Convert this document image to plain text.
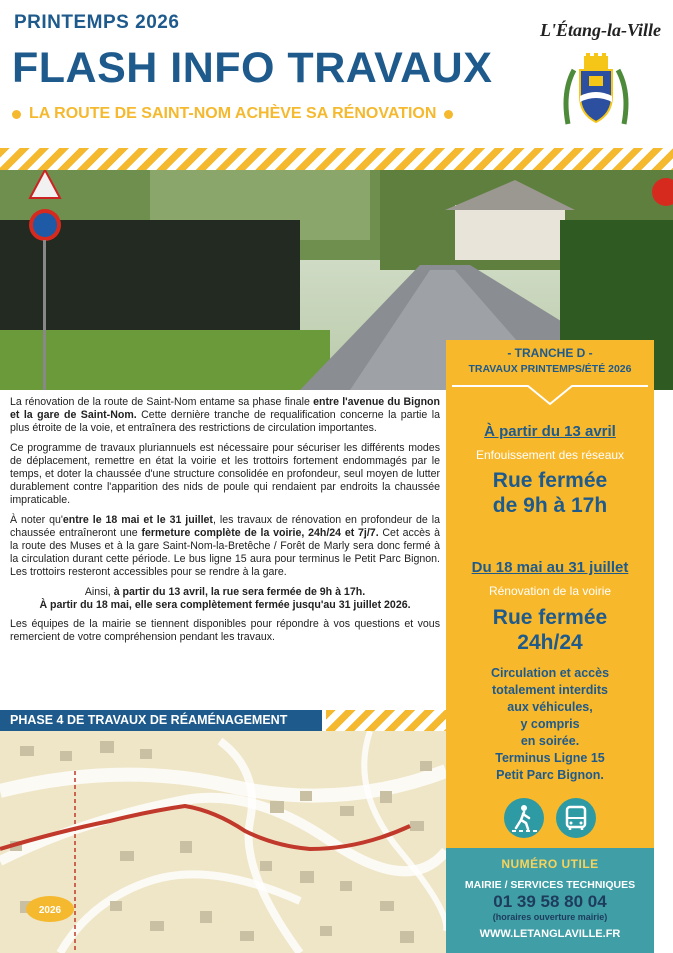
PRINTEMPS 2026
FLASH INFO TRAVAUX
LA ROUTE DE SAINT-NOM ACHÈVE SA RÉNOVATION
L'Étang-la-Ville

La rénovation de la route de Saint-Nom entame sa phase finale entre l'avenue du Bignon et la gare de Saint-Nom. Cette dernière tranche de requalification concerne la partie la plus étroite de la voie, et entraînera des restrictions de circulation importantes.

Ce programme de travaux pluriannuels est nécessaire pour sécuriser les différents modes de déplacement, remettre en état la voirie et les trottoirs fortement endommagés par le temps, et doter la chaussée d'une structure consolidée en profondeur, seul moyen de lutter durablement contre l'apparition des nids de poule qui rendaient par endroits la chaussée impraticable.

À noter qu'entre le 18 mai et le 31 juillet, les travaux de rénovation en profondeur de la chaussée entraîneront une fermeture complète de la voirie, 24h/24 et 7j/7. Cet accès à la route des Muses et à la gare Saint-Nom-la-Bretêche / Forêt de Marly sera donc fermé à la circulation durant cette période. Le bus ligne 15 aura pour terminus le Petit Parc Bignon. Les trottoirs resteront accessibles pour se rendre à la gare.

Ainsi, à partir du 13 avril, la rue sera fermée de 9h à 17h.
À partir du 18 mai, elle sera complètement fermée jusqu'au 31 juillet 2026.

Les équipes de la mairie se tiennent disponibles pour répondre à vos questions et vous remercient de votre compréhension pendant les travaux.

PHASE 4 DE TRAVAUX DE RÉAMÉNAGEMENT
2026
- TRANCHE D -
TRAVAUX PRINTEMPS/ÉTÉ 2026
À partir du 13 avril
Enfouissement des réseaux
Rue fermée
de 9h à 17h
Du 18 mai au 31 juillet
Rénovation de la voirie
Rue fermée
24h/24
Circulation et accès
totalement interdits
aux véhicules,
y compris
en soirée.
Terminus Ligne 15
Petit Parc Bignon.
NUMÉRO UTILE
MAIRIE / SERVICES TECHNIQUES
01 39 58 80 04
(horaires ouverture mairie)
WWW.LETANGLAVILLE.FR
